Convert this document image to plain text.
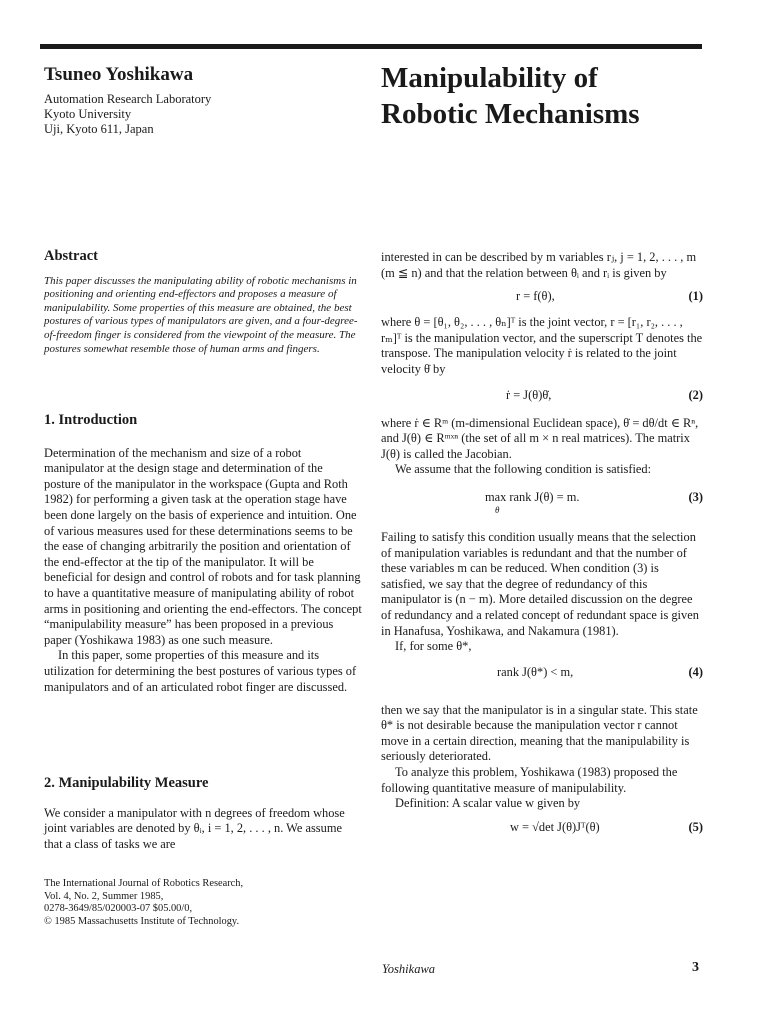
Tsuneo Yoshikawa
Automation Research Laboratory
Kyoto University
Uji, Kyoto 611, Japan
Manipulability of
Robotic Mechanisms
Abstract

This paper discusses the manipulating ability of robotic mechanisms in positioning and orienting end-effectors and proposes a measure of manipulability. Some properties of this measure are obtained, the best postures of various types of manipulators are given, and a four-degree-of-freedom finger is considered from the viewpoint of the measure. The postures somewhat resemble those of human arms and fingers.

1. Introduction

Determination of the mechanism and size of a robot manipulator at the design stage and determination of the posture of the manipulator in the workspace (Gupta and Roth 1982) for performing a given task at the operation stage have been done largely on the basis of experience and intuition. One of various measures used for these determinations seems to be the ease of changing arbitrarily the position and orientation of the end-effector at the tip of the manipulator. It will be beneficial for design and control of robots and for task planning to have a quantitative measure of manipulating ability of robot arms in positioning and orienting the end-effectors. The concept “manipulability measure” has been proposed in a previous paper (Yoshikawa 1983) as one such measure.

In this paper, some properties of this measure and its utilization for determining the best postures of various types of manipulators and of an articulated robot finger are discussed.

2. Manipulability Measure

We consider a manipulator with n degrees of freedom whose joint variables are denoted by θᵢ, i = 1, 2, . . . , n. We assume that a class of tasks we are

The International Journal of Robotics Research,
Vol. 4, No. 2, Summer 1985,
0278-3649/85/020003-07 $05.00/0,
© 1985 Massachusetts Institute of Technology.

interested in can be described by m variables rⱼ, j = 1, 2, . . . , m (m ≦ n) and that the relation between θᵢ and rᵢ is given by

r = f(θ),	(1)

where θ = [θ₁, θ₂, . . . , θₙ]ᵀ is the joint vector, r = [r₁, r₂, . . . , rₘ]ᵀ is the manipulation vector, and the superscript T denotes the transpose. The manipulation velocity ṙ is related to the joint velocity θ̇ by

ṙ = J(θ)θ̇,	(2)

where ṙ ∈ Rᵐ (m-dimensional Euclidean space), θ̇ = dθ/dt ∈ Rⁿ, and J(θ) ∈ Rᵐˣⁿ (the set of all m × n real matrices). The matrix J(θ) is called the Jacobian.

We assume that the following condition is satisfied:

max rank J(θ) = m.
θ
(3)

Failing to satisfy this condition usually means that the selection of manipulation variables is redundant and that the number of these variables m can be reduced. When condition (3) is satisfied, we say that the degree of redundancy of this manipulator is (n − m). More detailed discussion on the degree of redundancy and a related concept of redundant space is given in Hanafusa, Yoshikawa, and Nakamura (1981).

If, for some θ*,

rank J(θ*) < m,	(4)

then we say that the manipulator is in a singular state. This state θ* is not desirable because the manipulation vector r cannot move in a certain direction, meaning that the manipulability is seriously deteriorated.

To analyze this problem, Yoshikawa (1983) proposed the following quantitative measure of manipulability.

Definition: A scalar value w given by

w = √det J(θ)Jᵀ(θ)	(5)
Yoshikawa	3
